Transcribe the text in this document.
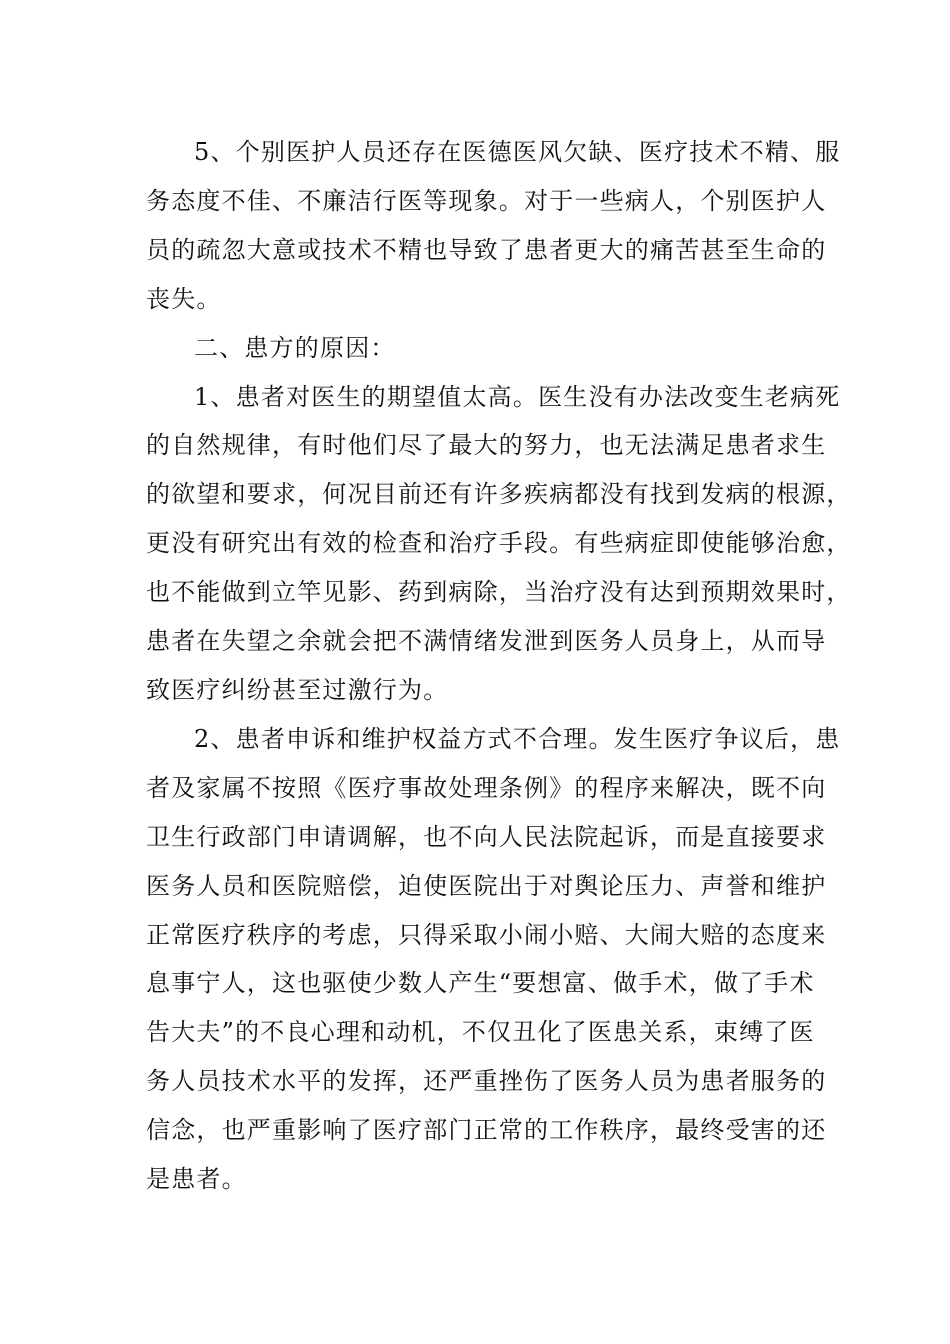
5、个别医护人员还存在医德医风欠缺、医疗技术不精、服
务态度不佳、不廉洁行医等现象。对于一些病人，个别医护人
员的疏忽大意或技术不精也导致了患者更大的痛苦甚至生命的
丧失。

二、患方的原因：

1、患者对医生的期望值太高。医生没有办法改变生老病死
的自然规律，有时他们尽了最大的努力，也无法满足患者求生
的欲望和要求，何况目前还有许多疾病都没有找到发病的根源，
更没有研究出有效的检查和治疗手段。有些病症即使能够治愈，
也不能做到立竿见影、药到病除，当治疗没有达到预期效果时，
患者在失望之余就会把不满情绪发泄到医务人员身上，从而导
致医疗纠纷甚至过激行为。

2、患者申诉和维护权益方式不合理。发生医疗争议后，患
者及家属不按照《医疗事故处理条例》的程序来解决，既不向
卫生行政部门申请调解，也不向人民法院起诉，而是直接要求
医务人员和医院赔偿，迫使医院出于对舆论压力、声誉和维护
正常医疗秩序的考虑，只得采取小闹小赔、大闹大赔的态度来
息事宁人，这也驱使少数人产生“要想富、做手术，做了手术
告大夫”的不良心理和动机，不仅丑化了医患关系，束缚了医
务人员技术水平的发挥，还严重挫伤了医务人员为患者服务的
信念，也严重影响了医疗部门正常的工作秩序，最终受害的还
是患者。
